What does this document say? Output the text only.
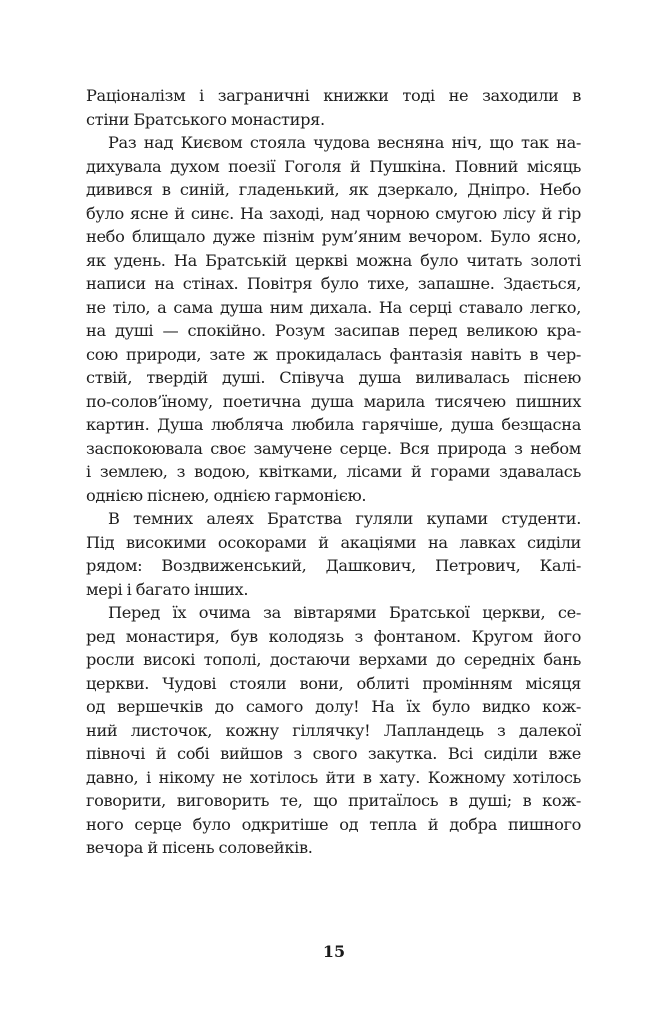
Раціоналізм і заграничні книжки тоді не заходили в
стіни Братського монастиря.
Раз над Києвом стояла чудова весняна ніч, що так на-
дихувала духом поезії Гоголя й Пушкіна. Повний місяць
дивився в синій, гладенький, як дзеркало, Дніпро. Небо
було ясне й синє. На заході, над чорною смугою лісу й гір
небо блищало дуже пізнім рум’яним вечором. Було ясно,
як удень. На Братській церкві можна було читать золоті
написи на стінах. Повітря було тихе, запашне. Здається,
не тіло, а сама душа ним дихала. На серці ставало легко,
на душі — спокійно. Розум засипав перед великою кра-
сою природи, зате ж прокидалась фантазія навіть в чер-
ствій, твердій душі. Співуча душа виливалась піснею
по-солов’їному, поетична душа марила тисячею пишних
картин. Душа люблячa любила гарячіше, душа безщасна
заспокоювала своє замучене серце. Вся природа з небом
і землею, з водою, квітками, лісами й горами здавалась
однією піснею, однією гармонією.
В темних алеях Братства гуляли купами студенти.
Під високими осокорами й акаціями на лавках сиділи
рядом: Воздвиженський, Дашкович, Петрович, Калі-
мері і багато інших.
Перед їх очима за вівтарями Братської церкви, се-
ред монастиря, був колодязь з фонтаном. Кругом його
росли високі тополі, достаючи верхами до середніх бань
церкви. Чудові стояли вони, облиті промінням місяця
од вершечків до самого долу! На їх було видко кож-
ний листочок, кожну гіллячку! Лапландець з далекої
півночі й собі вийшов з свого закутка. Всі сиділи вже
давно, і нікому не хотілось йти в хату. Кожному хотілось
говорити, виговорить те, що притаїлось в душі; в кож-
ного серце було одкритіше од тепла й добра пишного
вечора й пісень соловейків.
15
